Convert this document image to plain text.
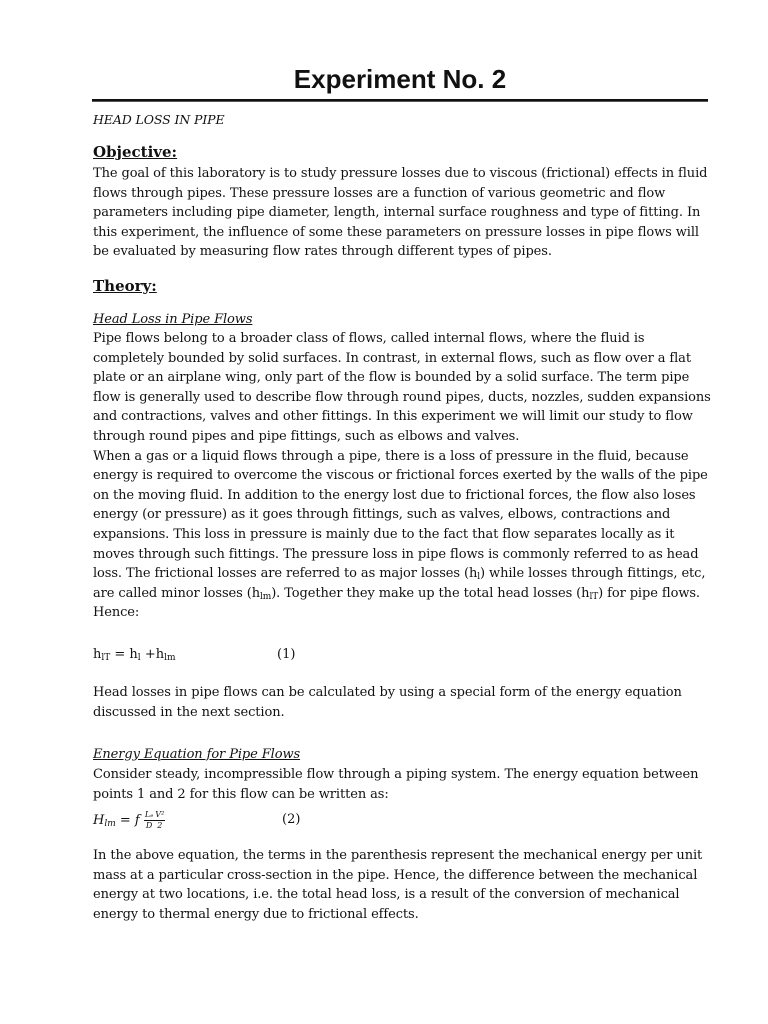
Experiment No. 2
HEAD LOSS IN PIPE
Objective:
The goal of this laboratory is to study pressure losses due to viscous (frictional) effects in fluid
flows through pipes. These pressure losses are a function of various geometric and flow
parameters including pipe diameter, length, internal surface roughness and type of fitting. In
this experiment, the influence of some these parameters on pressure losses in pipe flows will
be evaluated by measuring flow rates through different types of pipes.
Theory:
Head Loss in Pipe Flows
Pipe flows belong to a broader class of flows, called internal flows, where the fluid is
completely bounded by solid surfaces. In contrast, in external flows, such as flow over a flat
plate or an airplane wing, only part of the flow is bounded by a solid surface. The term pipe
flow is generally used to describe flow through round pipes, ducts, nozzles, sudden expansions
and contractions, valves and other fittings. In this experiment we will limit our study to flow
through round pipes and pipe fittings, such as elbows and valves.
When a gas or a liquid flows through a pipe, there is a loss of pressure in the fluid, because
energy is required to overcome the viscous or frictional forces exerted by the walls of the pipe
on the moving fluid. In addition to the energy lost due to frictional forces, the flow also loses
energy (or pressure) as it goes through fittings, such as valves, elbows, contractions and
expansions. This loss in pressure is mainly due to the fact that flow separates locally as it
moves through such fittings. The pressure loss in pipe flows is commonly referred to as head
loss. The frictional losses are referred to as major losses $(h_l)$ while losses through fittings, etc,
are called minor losses $(h_{lm})$. Together they make up the total head losses $(h_{lT})$ for pipe flows.
Hence:
$h_{lT} = h_l +h_{lm}$	(1)
Head losses in pipe flows can be calculated by using a special form of the energy equation
discussed in the next section.
Energy Equation for Pipe Flows
Consider steady, incompressible flow through a piping system. The energy equation between
points 1 and 2 for this flow can be written as:
$H_{lm} = f \frac{\text{Lₑ}}{D} \frac{\text{V²}}{2}$	(2)
In the above equation, the terms in the parenthesis represent the mechanical energy per unit
mass at a particular cross-section in the pipe. Hence, the difference between the mechanical
energy at two locations, i.e. the total head loss, is a result of the conversion of mechanical
energy to thermal energy due to frictional effects.
